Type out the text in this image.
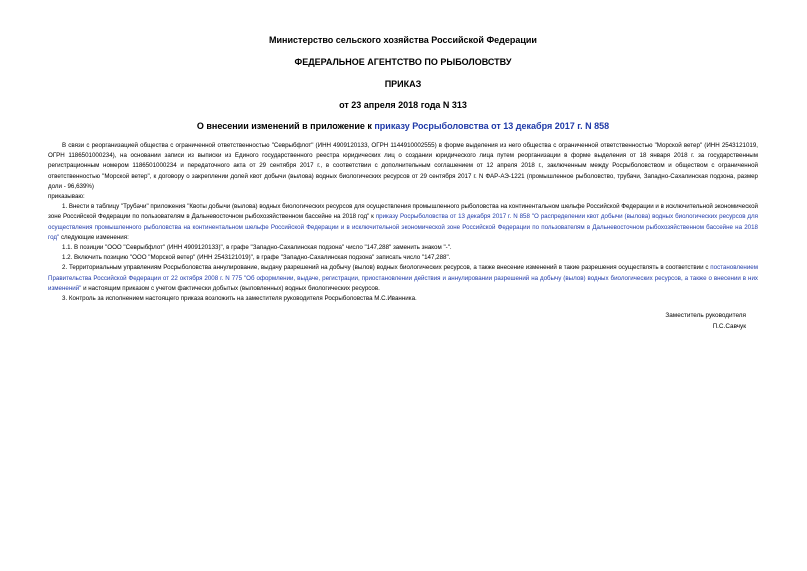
Министерство сельского хозяйства Российской Федерации
ФЕДЕРАЛЬНОЕ АГЕНТСТВО ПО РЫБОЛОВСТВУ
ПРИКАЗ
от 23 апреля 2018 года N 313
О внесении изменений в приложение к приказу Росрыболовства от 13 декабря 2017 г. N 858

В связи с реорганизацией общества с ограниченной ответственностью "Севрыбфлот" (ИНН 4909120133, ОГРН 1144910002555) в форме выделения из него общества с ограниченной ответственностью "Морской ветер" (ИНН 2543121019, ОГРН 1186501000234), на основании записи из выписки из Единого государственного реестра юридических лиц о создании юридического лица путем реорганизации в форме выделения от 18 января 2018 г. за государственным регистрационным номером 1186501000234 и передаточного акта от 29 сентября 2017 г., в соответствии с дополнительным соглашением от 12 апреля 2018 г., заключенным между Росрыболовством и обществом с ограниченной ответственностью "Морской ветер", к договору о закреплении долей квот добычи (вылова) водных биологических ресурсов от 29 сентября 2017 г. N ФАР-АЭ-1221 (промышленное рыболовство, трубачи, Западно-Сахалинская подзона, размер доли - 96,639%)

приказываю:

1. Внести в таблицу "Трубачи" приложения "Квоты добычи (вылова) водных биологических ресурсов для осуществления промышленного рыболовства на континентальном шельфе Российской Федерации и в исключительной экономической зоне Российской Федерации по пользователям в Дальневосточном рыбохозяйственном бассейне на 2018 год" к приказу Росрыболовства от 13 декабря 2017 г. N 858 "О распределении квот добычи (вылова) водных биологических ресурсов для осуществления промышленного рыболовства на континентальном шельфе Российской Федерации и в исключительной экономической зоне Российской Федерации по пользователям в Дальневосточном рыбохозяйственном бассейне на 2018 год" следующие изменения:

1.1. В позиции "ООО "Севрыбфлот" (ИНН 4909120133)", в графе "Западно-Сахалинская подзона" число "147,288" заменить знаком "-".

1.2. Включить позицию "ООО "Морской ветер" (ИНН 2543121019)", в графе "Западно-Сахалинская подзона" записать число "147,288".

2. Территориальным управлениям Росрыболовства аннулирование, выдачу разрешений на добычу (вылов) водных биологических ресурсов, а также внесение изменений в такие разрешения осуществлять в соответствии с постановлением Правительства Российской Федерации от 22 октября 2008 г. N 775 "Об оформлении, выдаче, регистрации, приостановлении действия и аннулировании разрешений на добычу (вылов) водных биологических ресурсов, а также о внесении в них изменений" и настоящим приказом с учетом фактически добытых (выловленных) водных биологических ресурсов.

3. Контроль за исполнением настоящего приказа возложить на заместителя руководителя Росрыболовства М.С.Иванника.

Заместитель руководителя
П.С.Савчук
